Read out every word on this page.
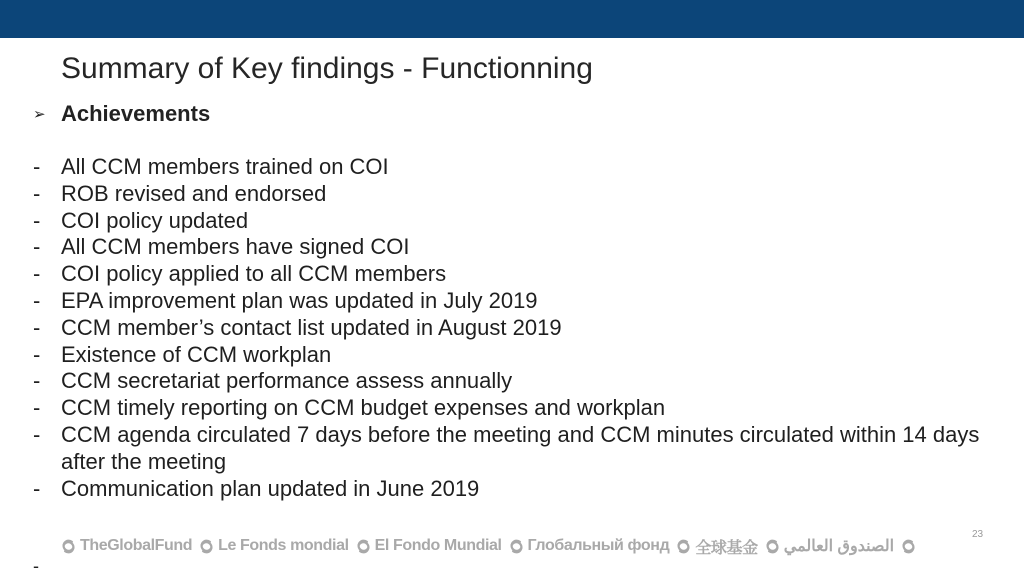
Summary of Key findings - Functionning
➢ Achievements
- All CCM members trained on COI
- ROB revised and endorsed
- COI policy updated
- All CCM members have signed COI
- COI policy applied to all CCM members
- EPA improvement plan was updated in July 2019
- CCM member’s contact list updated in August 2019
- Existence of CCM workplan
- CCM secretariat performance assess annually
- CCM timely reporting on CCM budget expenses and workplan
- CCM agenda circulated 7 days before the meeting and CCM minutes circulated within 14 days after the meeting
- Communication plan updated in June 2019
23
TheGlobalFund Le Fonds mondial El Fondo Mundial Глобальный фонд 全球基金 الصندوق العالمي
-
